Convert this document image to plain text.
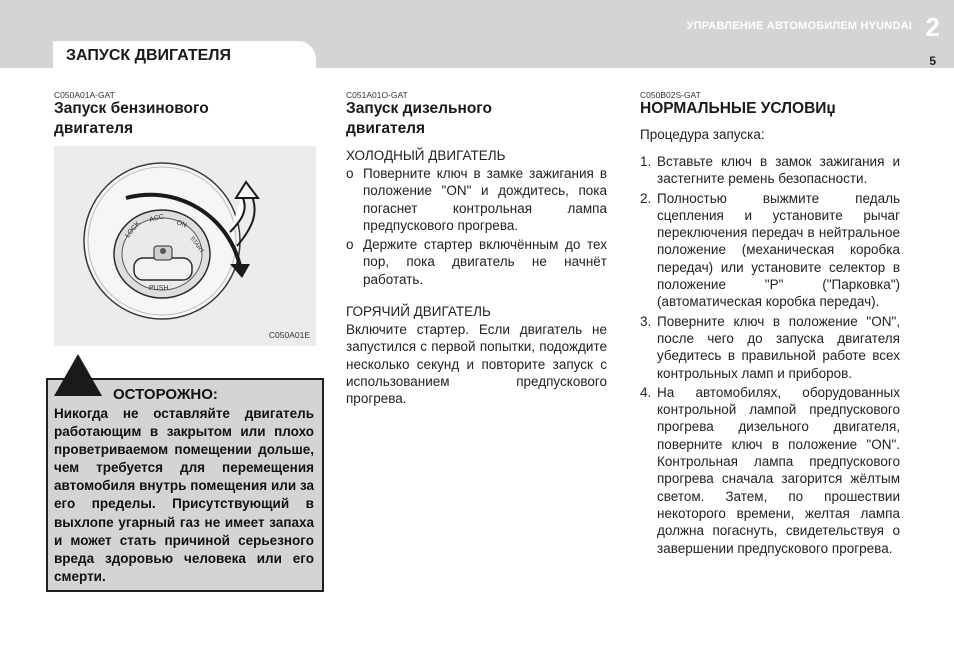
УПРАВЛЕНИЕ АВТОМОБИЛЕМ HYUNDAI 2
5
ЗАПУСК ДВИГАТЕЛЯ
C050A01A-GAT
Запуск бензинового
двигателя
LOCK
ACC
ON
START
PUSH
C050A01E
ОСТОРОЖНО:
Никогда не оставляйте двигатель работающим в закрытом или плохо проветриваемом помещении дольше, чем требуется для перемещения автомобиля внутрь помещения или за его пределы. Присутствующий в выхлопе угарный газ не имеет запаха и может стать причиной серьезного вреда здоровью человека или его смерти.
C051A01O-GAT
Запуск дизельного
двигателя
ХОЛОДНЫЙ ДВИГАТЕЛЬ
о Поверните ключ в замке зажигания в положение "ON" и дождитесь, пока погаснет контрольная лампа предпускового прогрева.
о Держите стартер включённым до тех пор, пока двигатель не начнёт работать.
ГОРЯЧИЙ ДВИГАТЕЛЬ
Включите стартер. Если двигатель не запустился с первой попытки, подождите несколько секунд и повторите запуск с использованием предпускового прогрева.
C050B02S-GAT
НОРМАЛЬНЫЕ УСЛОВИџ
Процедура запуска:
1. Вставьте ключ в замок зажигания и застегните ремень безопасности.
2. Полностью выжмите педаль сцепления и установите рычаг переключения передач в нейтральное положение (механическая коробка передач) или установите селектор в положение "P" ("Парковка") (автоматическая коробка передач).
3. Поверните ключ в положение "ON", после чего до запуска двигателя убедитесь в правильной работе всех контрольных ламп и приборов.
4. На автомобилях, оборудованных контрольной лампой предпускового прогрева дизельного двигателя, поверните ключ в положение "ON". Контрольная лампа предпускового прогрева сначала загорится жёлтым светом. Затем, по прошествии некоторого времени, желтая лампа должна погаснуть, свидетельствуя о завершении предпускового прогрева.
